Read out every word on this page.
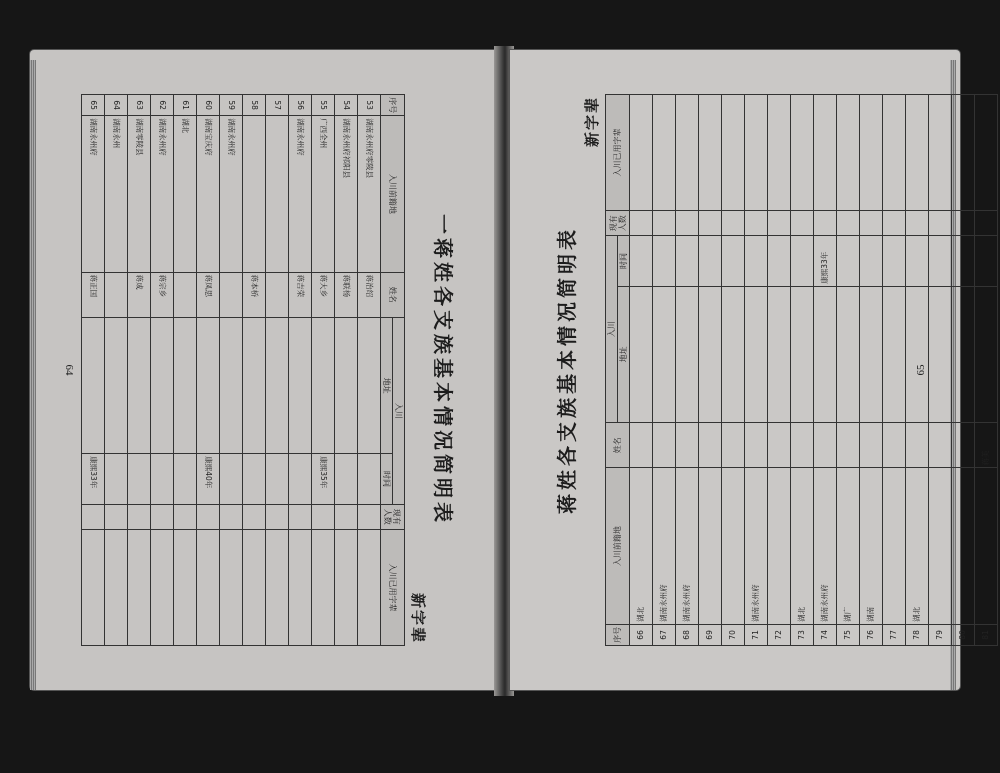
一蒋姓各支族基本情况简明表
新字辈
序号	入川前籍地	姓名	入川		现有人数	入川已用字辈
			地址	时间		
53	湖南永州府零陵县	蒋治绍				
54	湖南永州府祁阳县	蒋联杨				
55	广西全州	蒋大乡		康熙35年		
56	湖南永州府	蒋吉荣				
57						
58		蒋本桥				
59	湖南永州府					
60	湖南宝庆府	蒋凤思		康熙40年		
61	湖北					
62	湖南永州府	蒋宗乡				
63	湖南零陵县	蒋成				
64	湖南永州					
65	湖南永州府	蒋正国		康熙33年		
64	蒋姓各支族基本情况简明表
新字辈
序号	入川前籍地	姓名	入川		现有人数	入川已用字辈
			地址	时间		
66	湖北					
67	湖南永州府					
68	湖南永州府					
69						
70						
71	湖南永州府					
72						
73	湖北					
74	湖南永州府			康熙33年		
75	湖广					
76	湖南					
77						
78	湖北					
79						
80						
81		蒋美				
65
